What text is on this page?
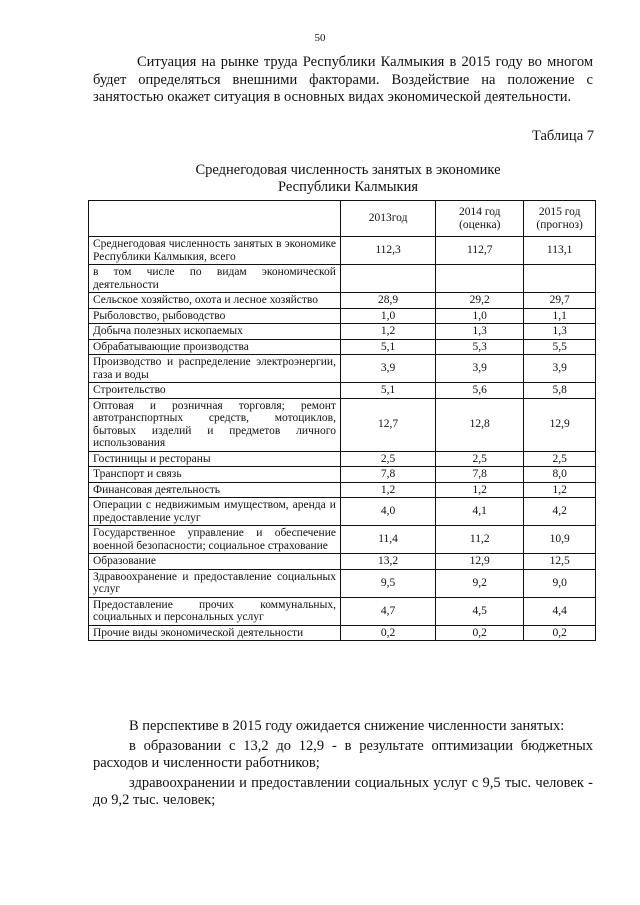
50

Ситуация на рынке труда Республики Калмыкия в 2015 году во многом будет определяться внешними факторами. Воздействие на положение с занятостью окажет ситуация в основных видах экономической деятельности.

Таблица 7
Среднегодовая численность занятых в экономике
Республики Калмыкия
	2013год	2014 год (оценка)	2015 год (прогноз)
Среднегодовая численность занятых в экономике Республики Калмыкия, всего	112,3	112,7	113,1
в том числе по видам экономической деятельности			
Сельское хозяйство, охота и лесное хозяйство	28,9	29,2	29,7
Рыболовство, рыбоводство	1,0	1,0	1,1
Добыча полезных ископаемых	1,2	1,3	1,3
Обрабатывающие производства	5,1	5,3	5,5
Производство и распределение электроэнергии, газа и воды	3,9	3,9	3,9
Строительство	5,1	5,6	5,8
Оптовая и розничная торговля; ремонт автотранспортных средств, мотоциклов, бытовых изделий и предметов личного использования	12,7	12,8	12,9
Гостиницы и рестораны	2,5	2,5	2,5
Транспорт и связь	7,8	7,8	8,0
Финансовая деятельность	1,2	1,2	1,2
Операции с недвижимым имуществом, аренда и предоставление услуг	4,0	4,1	4,2
Государственное управление и обеспечение военной безопасности; социальное страхование	11,4	11,2	10,9
Образование	13,2	12,9	12,5
Здравоохранение и предоставление социальных услуг	9,5	9,2	9,0
Предоставление прочих коммунальных, социальных и персональных услуг	4,7	4,5	4,4
Прочие виды экономической деятельности	0,2	0,2	0,2

В перспективе в 2015 году ожидается снижение численности занятых:

в образовании с 13,2 до 12,9 - в результате оптимизации бюджетных расходов и численности работников;

здравоохранении и предоставлении социальных услуг с 9,5 тыс. человек - до 9,2 тыс. человек;
